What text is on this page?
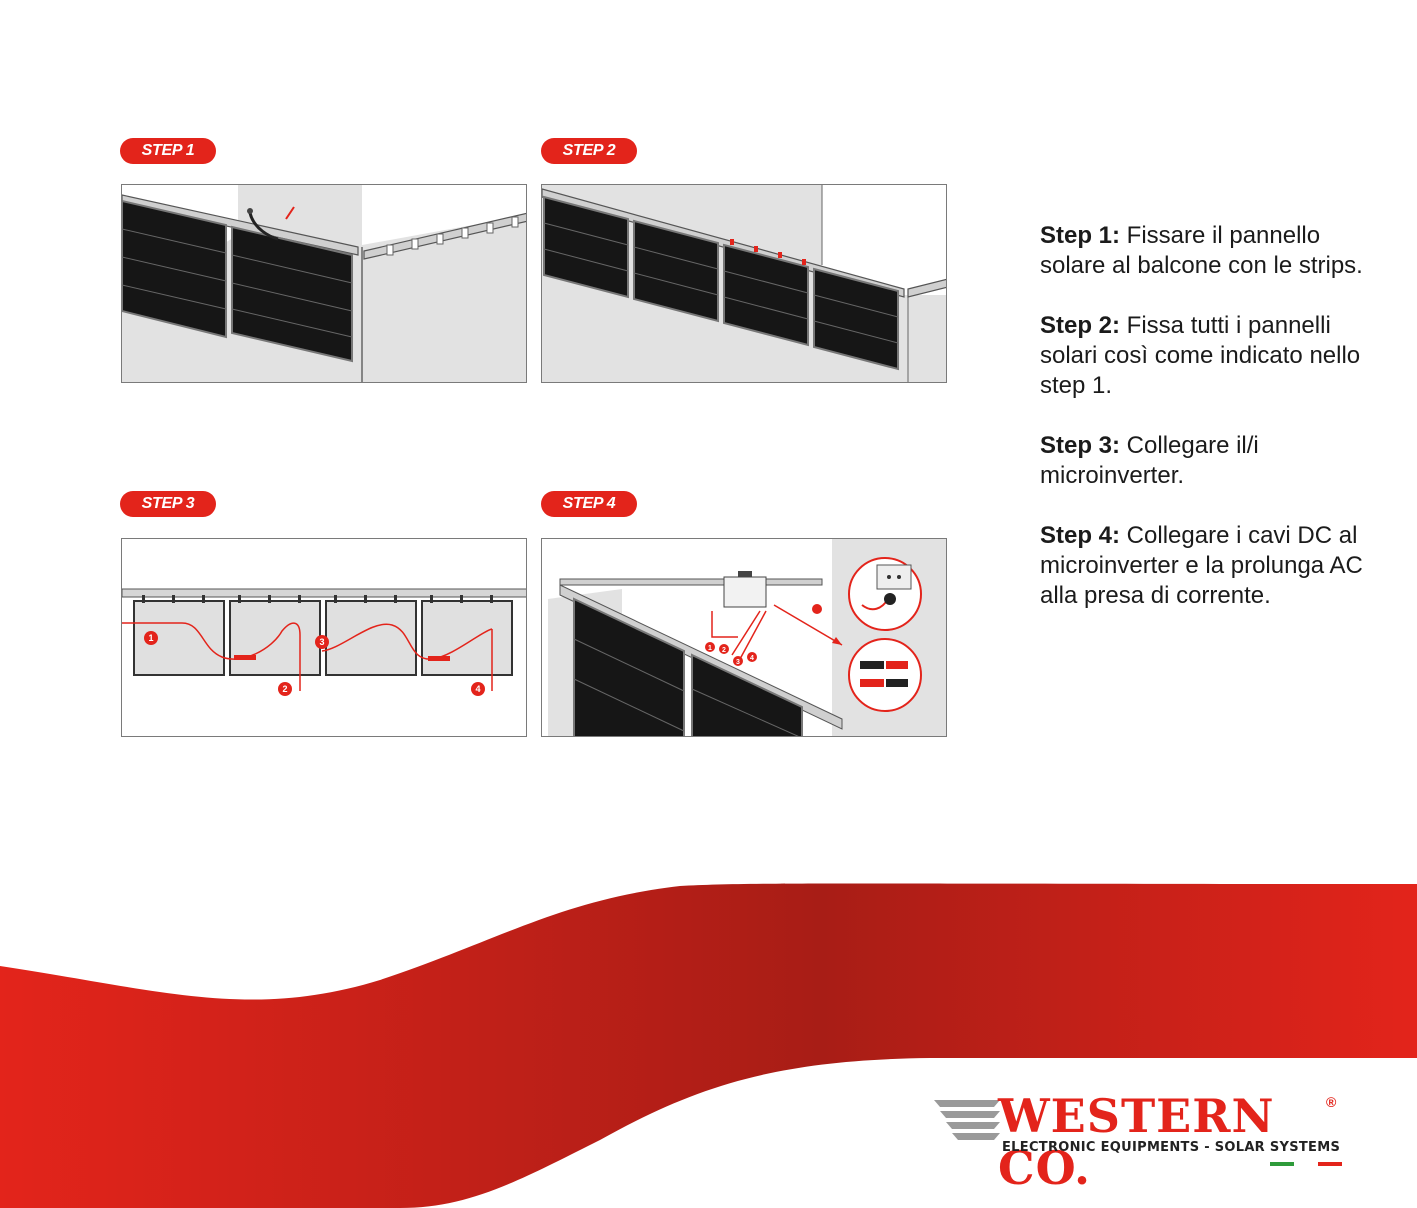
STEP 1	STEP 2
STEP 3
1
2
3
4
STEP 4
1 2
3
4

Step 1: Fissare il pannello solare al balcone con le strips.

Step 2: Fissa tutti i pannelli solari così come indicato nello step 1.

Step 3: Collegare il/i microinverter.

Step 4: Collegare i cavi DC al microinverter e la prolunga AC alla presa di corrente.

WESTERN CO.
®
ELECTRONIC EQUIPMENTS - SOLAR SYSTEMS
